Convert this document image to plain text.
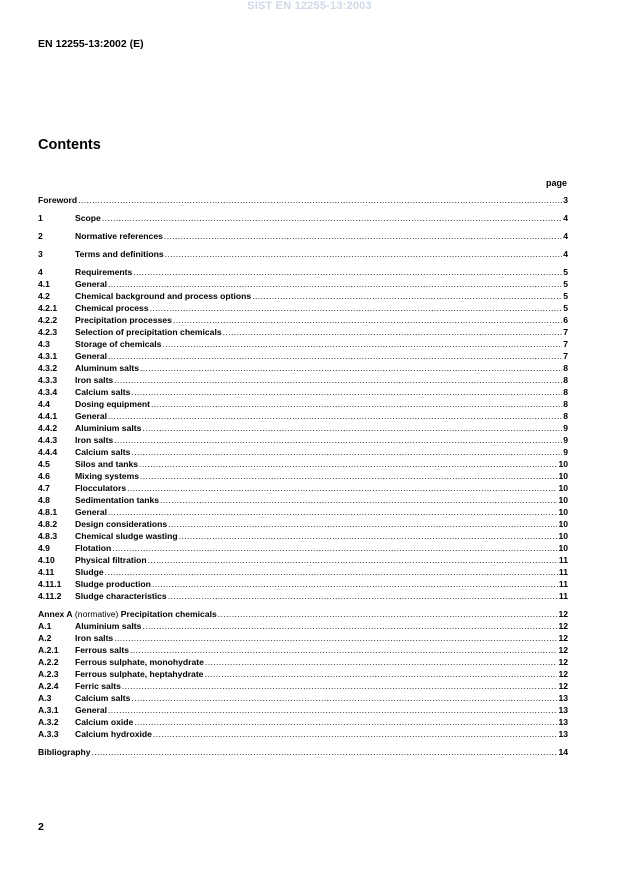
SIST EN 12255-13:2003
EN 12255-13:2002 (E)
Contents
page
Foreword .....	3
1	Scope .....	4
2	Normative references .....	4
3	Terms and definitions .....	4
4	Requirements .....	5
4.1	General .....	5
4.2	Chemical background and process options .....	5
4.2.1	Chemical process .....	5
4.2.2	Precipitation processes .....	6
4.2.3	Selection of precipitation chemicals .....	7
4.3	Storage of chemicals .....	7
4.3.1	General .....	7
4.3.2	Aluminum salts .....	8
4.3.3	Iron salts .....	8
4.3.4	Calcium salts .....	8
4.4	Dosing equipment .....	8
4.4.1	General .....	8
4.4.2	Aluminium salts .....	9
4.4.3	Iron salts .....	9
4.4.4	Calcium salts .....	9
4.5	Silos and tanks .....	10
4.6	Mixing systems .....	10
4.7	Flocculators .....	10
4.8	Sedimentation tanks .....	10
4.8.1	General .....	10
4.8.2	Design considerations .....	10
4.8.3	Chemical sludge wasting .....	10
4.9	Flotation .....	10
4.10	Physical filtration .....	11
4.11	Sludge .....	11
4.11.1	Sludge production .....	11
4.11.2	Sludge characteristics .....	11
Annex A (normative) Precipitation chemicals .....	12
A.1	Aluminium salts .....	12
A.2	Iron salts .....	12
A.2.1	Ferrous salts .....	12
A.2.2	Ferrous sulphate, monohydrate .....	12
A.2.3	Ferrous sulphate, heptahydrate .....	12
A.2.4	Ferric salts .....	12
A.3	Calcium salts .....	13
A.3.1	General .....	13
A.3.2	Calcium oxide .....	13
A.3.3	Calcium hydroxide .....	13
Bibliography .....	14
2
